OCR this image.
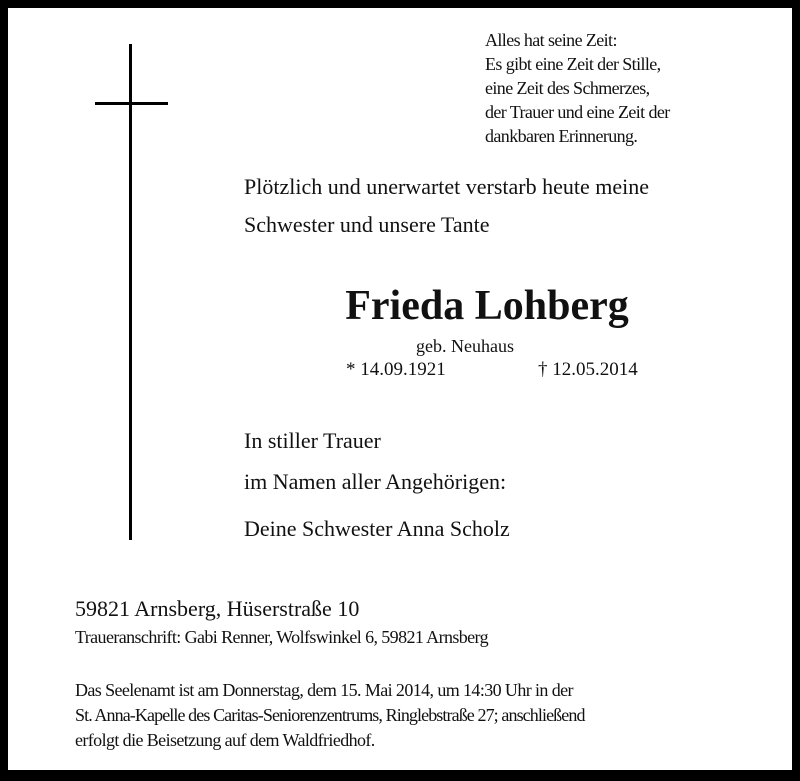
Alles hat seine Zeit:
Es gibt eine Zeit der Stille,
eine Zeit des Schmerzes,
der Trauer und eine Zeit der
dankbaren Erinnerung.
Plötzlich und unerwartet verstarb heute meine
Schwester und unsere Tante
Frieda Lohberg
geb. Neuhaus
* 14.09.1921	† 12.05.2014
In stiller Trauer
im Namen aller Angehörigen:
Deine Schwester Anna Scholz
59821 Arnsberg, Hüserstraße 10
Traueranschrift: Gabi Renner, Wolfswinkel 6, 59821 Arnsberg
Das Seelenamt ist am Donnerstag, dem 15. Mai 2014, um 14:30 Uhr in der
St. Anna-Kapelle des Caritas-Seniorenzentrums, Ringlebstraße 27; anschließend
erfolgt die Beisetzung auf dem Waldfriedhof.
